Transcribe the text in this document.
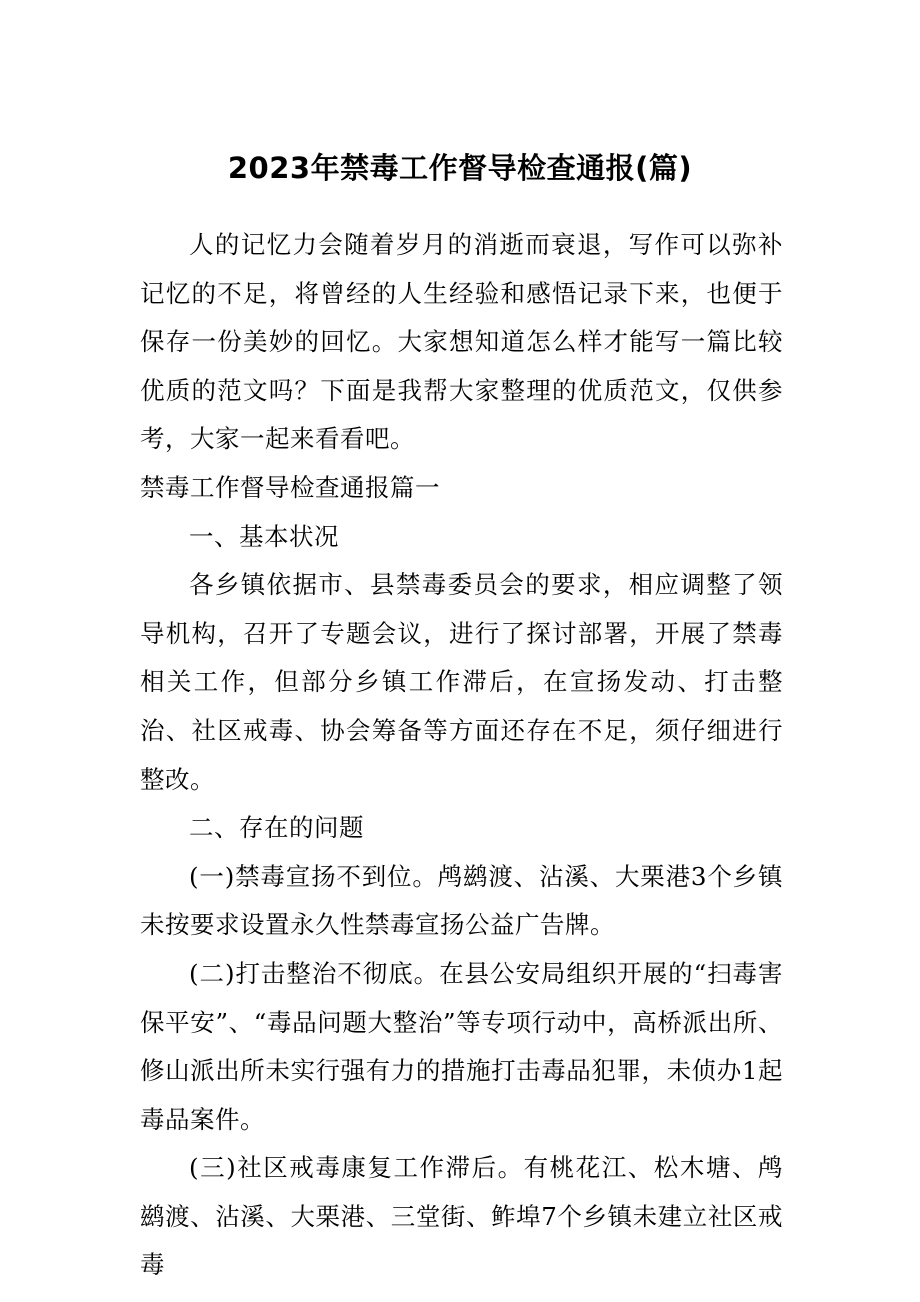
2023年禁毒工作督导检查通报(篇)

人的记忆力会随着岁月的消逝而衰退，写作可以弥补记忆的不足，将曾经的人生经验和感悟记录下来，也便于保存一份美妙的回忆。大家想知道怎么样才能写一篇比较优质的范文吗？下面是我帮大家整理的优质范文，仅供参考，大家一起来看看吧。

禁毒工作督导检查通报篇一

一、基本状况

各乡镇依据市、县禁毒委员会的要求，相应调整了领导机构，召开了专题会议，进行了探讨部署，开展了禁毒相关工作，但部分乡镇工作滞后，在宣扬发动、打击整治、社区戒毒、协会筹备等方面还存在不足，须仔细进行整改。

二、存在的问题

(一)禁毒宣扬不到位。鸬鹚渡、沾溪、大栗港3个乡镇未按要求设置永久性禁毒宣扬公益广告牌。

(二)打击整治不彻底。在县公安局组织开展的“扫毒害保平安”、“毒品问题大整治”等专项行动中，高桥派出所、修山派出所未实行强有力的措施打击毒品犯罪，未侦办1起毒品案件。

(三)社区戒毒康复工作滞后。有桃花江、松木塘、鸬鹚渡、沾溪、大栗港、三堂街、鲊埠7个乡镇未建立社区戒毒
